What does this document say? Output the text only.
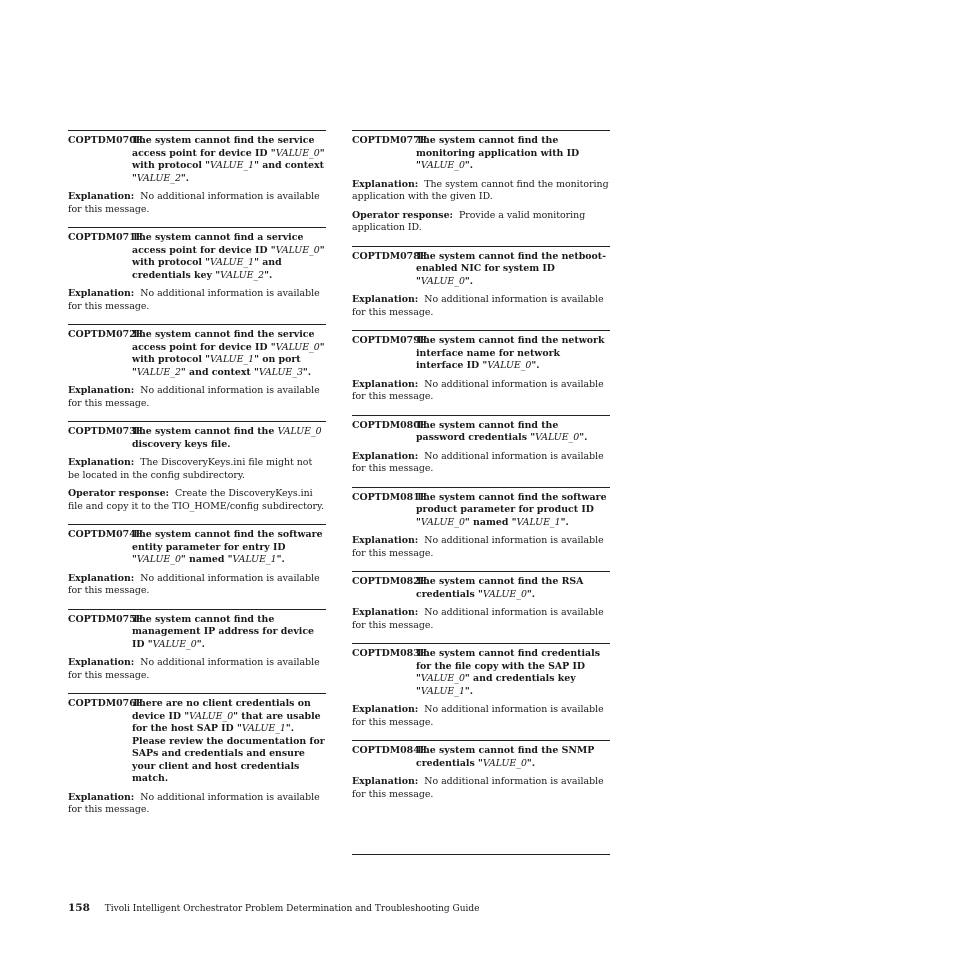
COPTDM070E
The system cannot find the service access point for device ID "VALUE_0" with protocol "VALUE_1" and context "VALUE_2".
Explanation: No additional information is available for this message.
COPTDM071E
The system cannot find a service access point for device ID "VALUE_0" with protocol "VALUE_1" and credentials key "VALUE_2".
Explanation: No additional information is available for this message.
COPTDM072E
The system cannot find the service access point for device ID "VALUE_0" with protocol "VALUE_1" on port "VALUE_2" and context "VALUE_3".
Explanation: No additional information is available for this message.
COPTDM073E
The system cannot find the VALUE_0 discovery keys file.
Explanation: The DiscoveryKeys.ini file might not be located in the config subdirectory.
Operator response: Create the DiscoveryKeys.ini file and copy it to the TIO_HOME/config subdirectory.
COPTDM074E
The system cannot find the software entity parameter for entry ID "VALUE_0" named "VALUE_1".
Explanation: No additional information is available for this message.
COPTDM075E
The system cannot find the management IP address for device ID "VALUE_0".
Explanation: No additional information is available for this message.
COPTDM076E
There are no client credentials on device ID "VALUE_0" that are usable for the host SAP ID "VALUE_1". Please review the documentation for SAPs and credentials and ensure your client and host credentials match.
Explanation: No additional information is available for this message.
COPTDM077E
The system cannot find the monitoring application with ID "VALUE_0".
Explanation: The system cannot find the monitoring application with the given ID.
Operator response: Provide a valid monitoring application ID.
COPTDM078E
The system cannot find the netboot-enabled NIC for system ID "VALUE_0".
Explanation: No additional information is available for this message.
COPTDM079E
The system cannot find the network interface name for network interface ID "VALUE_0".
Explanation: No additional information is available for this message.
COPTDM080E
The system cannot find the password credentials "VALUE_0".
Explanation: No additional information is available for this message.
COPTDM081E
The system cannot find the software product parameter for product ID "VALUE_0" named "VALUE_1".
Explanation: No additional information is available for this message.
COPTDM082E
The system cannot find the RSA credentials "VALUE_0".
Explanation: No additional information is available for this message.
COPTDM083E
The system cannot find credentials for the file copy with the SAP ID "VALUE_0" and credentials key "VALUE_1".
Explanation: No additional information is available for this message.
COPTDM084E
The system cannot find the SNMP credentials "VALUE_0".
Explanation: No additional information is available for this message.
158 Tivoli Intelligent Orchestrator Problem Determination and Troubleshooting Guide
